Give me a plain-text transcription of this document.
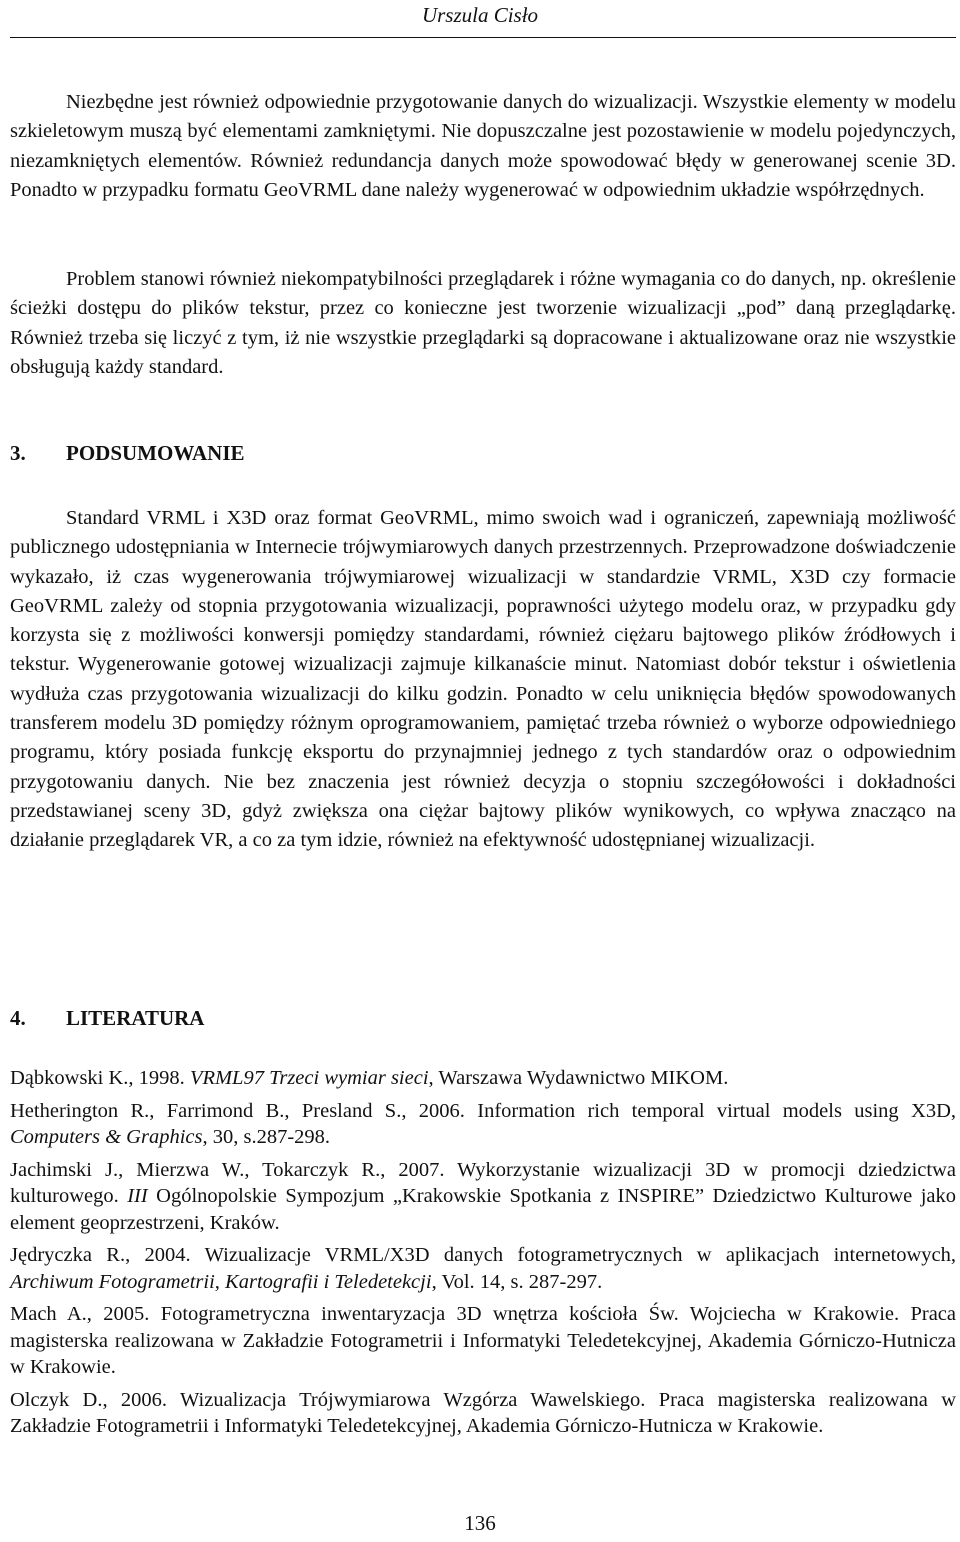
Urszula Cisło

Niezbędne jest również odpowiednie przygotowanie danych do wizualizacji. Wszystkie elementy w modelu szkieletowym muszą być elementami zamkniętymi. Nie dopuszczalne jest pozostawienie w modelu pojedynczych, niezamkniętych elementów. Również redundancja danych może spowodować błędy w generowanej scenie 3D. Ponadto w przypadku formatu GeoVRML dane należy wygenerować w odpowiednim układzie współrzędnych.

Problem stanowi również niekompatybilności przeglądarek i różne wymagania co do danych, np. określenie ścieżki dostępu do plików tekstur, przez co konieczne jest tworzenie wizualizacji „pod” daną przeglądarkę. Również trzeba się liczyć z tym, iż nie wszystkie przeglądarki są dopracowane i aktualizowane oraz nie wszystkie obsługują każdy standard.

3. PODSUMOWANIE

Standard VRML i X3D oraz format GeoVRML, mimo swoich wad i ograniczeń, zapewniają możliwość publicznego udostępniania w Internecie trójwymiarowych danych przestrzennych. Przeprowadzone doświadczenie wykazało, iż czas wygenerowania trójwymiarowej wizualizacji w standardzie VRML, X3D czy formacie GeoVRML zależy od stopnia przygotowania wizualizacji, poprawności użytego modelu oraz, w przypadku gdy korzysta się z możliwości konwersji pomiędzy standardami, również ciężaru bajtowego plików źródłowych i tekstur. Wygenerowanie gotowej wizualizacji zajmuje kilkanaście minut. Natomiast dobór tekstur i oświetlenia wydłuża czas przygotowania wizualizacji do kilku godzin. Ponadto w celu uniknięcia błędów spowodowanych transferem modelu 3D pomiędzy różnym oprogramowaniem, pamiętać trzeba również o wyborze odpowiedniego programu, który posiada funkcję eksportu do przynajmniej jednego z tych standardów oraz o odpowiednim przygotowaniu danych. Nie bez znaczenia jest również decyzja o stopniu szczegółowości i dokładności przedstawianej sceny 3D, gdyż zwiększa ona ciężar bajtowy plików wynikowych, co wpływa znacząco na działanie przeglądarek VR, a co za tym idzie, również na efektywność udostępnianej wizualizacji.

4. LITERATURA

Dąbkowski K., 1998. VRML97 Trzeci wymiar sieci, Warszawa Wydawnictwo MIKOM.

Hetherington R., Farrimond B., Presland S., 2006. Information rich temporal virtual models using X3D, Computers & Graphics, 30, s.287-298.

Jachimski J., Mierzwa W., Tokarczyk R., 2007. Wykorzystanie wizualizacji 3D w promocji dziedzictwa kulturowego. III Ogólnopolskie Sympozjum „Krakowskie Spotkania z INSPIRE” Dziedzictwo Kulturowe jako element geoprzestrzeni, Kraków.

Jędryczka R., 2004. Wizualizacje VRML/X3D danych fotogrametrycznych w aplikacjach internetowych, Archiwum Fotogrametrii, Kartografii i Teledetekcji, Vol. 14, s. 287-297.

Mach A., 2005. Fotogrametryczna inwentaryzacja 3D wnętrza kościoła Św. Wojciecha w Krakowie. Praca magisterska realizowana w Zakładzie Fotogrametrii i Informatyki Teledetekcyjnej, Akademia Górniczo-Hutnicza w Krakowie.

Olczyk D., 2006. Wizualizacja Trójwymiarowa Wzgórza Wawelskiego. Praca magisterska realizowana w Zakładzie Fotogrametrii i Informatyki Teledetekcyjnej, Akademia Górniczo-Hutnicza w Krakowie.

136
